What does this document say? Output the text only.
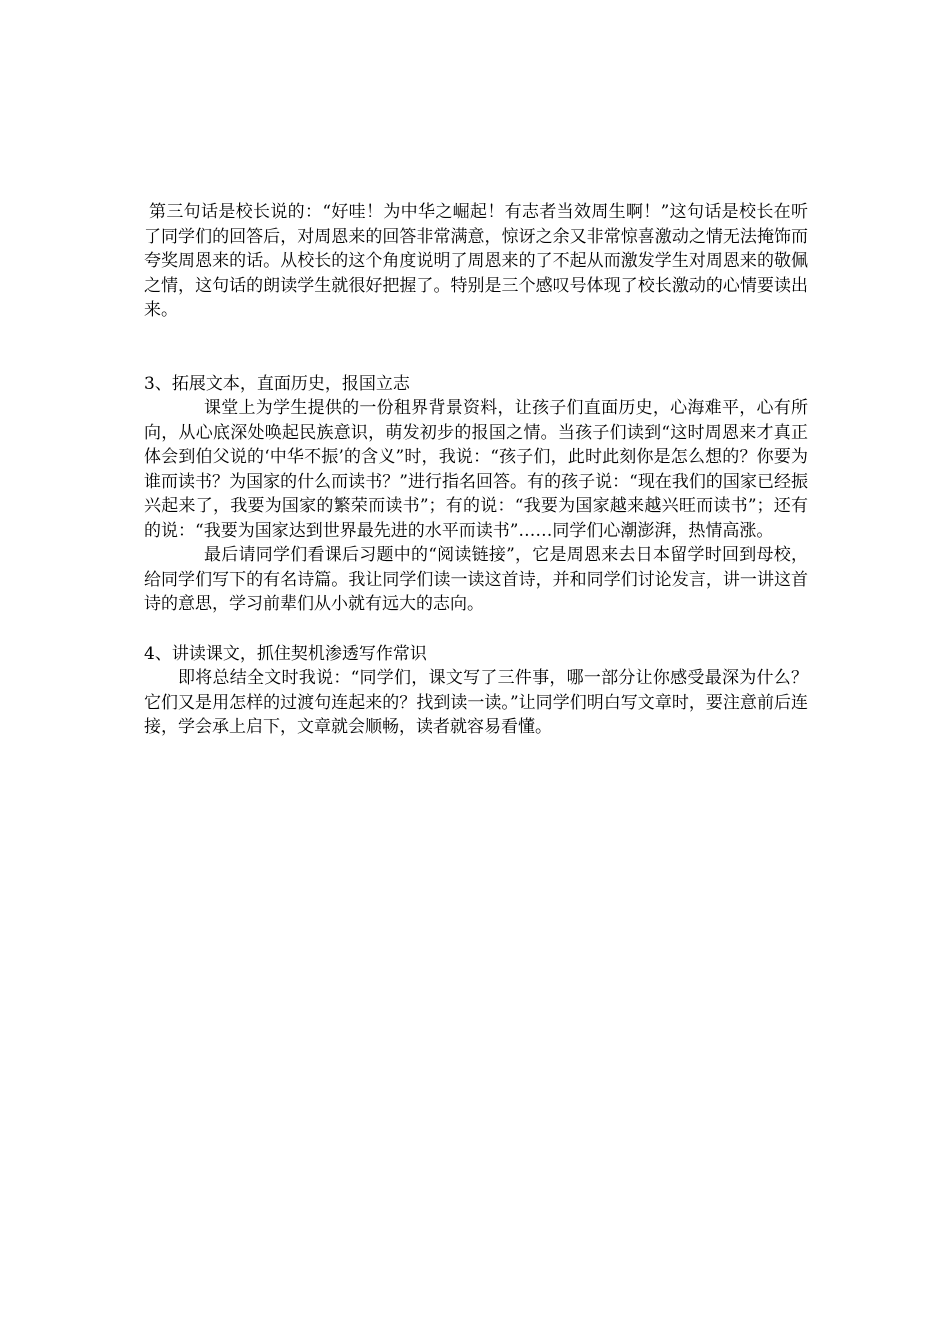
第三句话是校长说的：“好哇！为中华之崛起！有志者当效周生啊！”这句话是校长在听了同学们的回答后，对周恩来的回答非常满意，惊讶之余又非常惊喜激动之情无法掩饰而夸奖周恩来的话。从校长的这个角度说明了周恩来的了不起从而激发学生对周恩来的敬佩之情，这句话的朗读学生就很好把握了。特别是三个感叹号体现了校长激动的心情要读出来。

3、拓展文本，直面历史，报国立志

课堂上为学生提供的一份租界背景资料，让孩子们直面历史，心海难平，心有所向，从心底深处唤起民族意识，萌发初步的报国之情。当孩子们读到“这时周恩来才真正体会到伯父说的‘中华不振’的含义”时，我说：“孩子们，此时此刻你是怎么想的？你要为谁而读书？为国家的什么而读书？”进行指名回答。有的孩子说：“现在我们的国家已经振兴起来了，我要为国家的繁荣而读书”；有的说：“我要为国家越来越兴旺而读书”；还有的说：“我要为国家达到世界最先进的水平而读书”……同学们心潮澎湃，热情高涨。

最后请同学们看课后习题中的“阅读链接”，它是周恩来去日本留学时回到母校，给同学们写下的有名诗篇。我让同学们读一读这首诗，并和同学们讨论发言，讲一讲这首诗的意思，学习前辈们从小就有远大的志向。

4、讲读课文，抓住契机渗透写作常识

即将总结全文时我说：“同学们，课文写了三件事，哪一部分让你感受最深为什么？它们又是用怎样的过渡句连起来的？找到读一读。”让同学们明白写文章时，要注意前后连接，学会承上启下，文章就会顺畅，读者就容易看懂。
